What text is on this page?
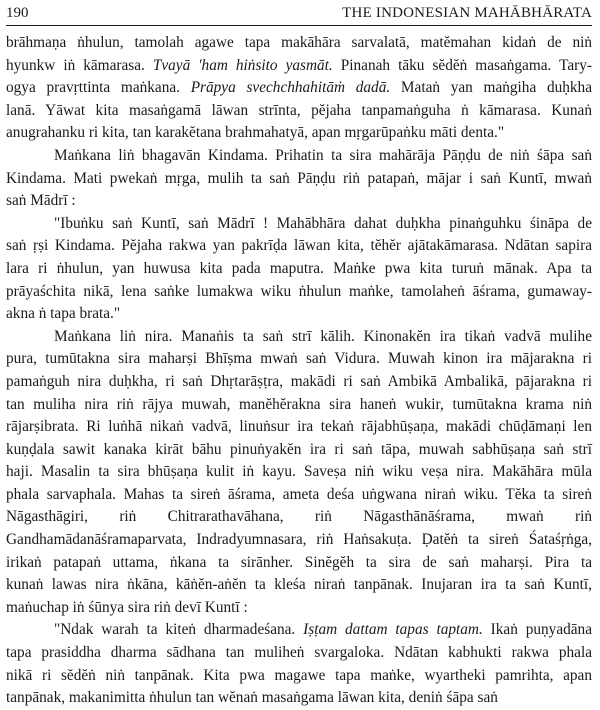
190	THE INDONESIAN MAHĀBHĀRATA
brāhmaṇa ṅhulun, tamolah agawe tapa makāhāra sarvalatā, matĕmahan kidaṅ de niṅ
hyunkw iṅ kāmarasa. Tvayā 'ham hiṅsito yasmāt. Pinanah tāku sĕdĕṅ masaṅgama. Tary-
ogya pravṛttinta maṅkana. Prāpya svechchhahitāṁ dadā. Mataṅ yan maṅgiha duḥkha
lanā. Yāwat kita masaṅgamā lāwan strīnta, pĕjaha tanpamaṅguha ṅ kāmarasa. Kunaṅ
anugrahanku ri kita, tan karakĕtana brahmahatyā, apan mṛgarūpaṅku māti denta."
Maṅkana liṅ bhagavān Kindama. Prihatin ta sira mahārāja Pāṇḍu de niṅ śāpa saṅ
Kindama. Mati pwekaṅ mṛga, mulih ta saṅ Pāṇḍu riṅ patapaṅ, mājar i saṅ Kuntī, mwaṅ
saṅ Mādrī :
"Ibuṅku saṅ Kuntī, saṅ Mādrī ! Mahābhāra dahat duḥkha pinaṅguhku śināpa de
saṅ ṛṣi Kindama. Pĕjaha rakwa yan pakrīḍa lāwan kita, tĕhĕr ajātakāmarasa. Ndātan sapira
lara ri ṅhulun, yan huwusa kita pada maputra. Maṅke pwa kita turuṅ mānak. Apa ta
prāyaśchita nikā, lena saṅke lumakwa wiku ṅhulun maṅke, tamolaheṅ āśrama, gumaway-
akna ṅ tapa brata."
Maṅkana liṅ nira. Manaṅis ta saṅ strī kālih. Kinonakĕn ira tikaṅ vadvā mulihe
pura, tumūtakna sira maharṣi Bhīṣma mwaṅ saṅ Vidura. Muwah kinon ira mājarakna ri
pamaṅguh nira duḥkha, ri saṅ Dhṛtarāṣṭra, makādi ri saṅ Ambikā Ambalikā, pājarakna ri
tan muliha nira riṅ rājya muwah, manĕhĕrakna sira haneṅ wukir, tumūtakna krama niṅ
rājarṣibrata. Ri luṅhā nikaṅ vadvā, linuṅsur ira tekaṅ rājabhūṣaṇa, makādi chūḍāmaṇi len
kuṇḍala sawit kanaka kirāt bāhu pinuṅyakĕn ira ri saṅ tāpa, muwah sabhūṣaṇa saṅ strī
haji. Masalin ta sira bhūṣaṇa kulit iṅ kayu. Saveṣa niṅ wiku veṣa nira. Makāhāra mūla
phala sarvaphala. Mahas ta sireṅ āśrama, ameta deśa uṅgwana niraṅ wiku. Tĕka ta sireṅ
Nāgasthāgiri, riṅ Chitrarathavāhana, riṅ Nāgasthānāśrama, mwaṅ riṅ
Gandhamādanāśramaparvata, Indradyumnasara, riṅ Haṅsakuṭa. Ḍatĕṅ ta sireṅ Śataśṛṅga,
irikaṅ patapaṅ uttama, ṅkana ta sirānher. Sinĕgĕh ta sira de saṅ maharṣi. Pira ta
kunaṅ lawas nira ṅkāna, kāṅĕn-aṅĕn ta kleśa niraṅ tanpānak. Inujaran ira ta saṅ Kuntī,
maṅuchap iṅ śūnya sira riṅ devī Kuntī :
"Ndak warah ta kiteṅ dharmadeśana. Iṣṭam dattam tapas taptam. Ikaṅ puṇyadāna
tapa prasiddha dharma sādhana tan muliheṅ svargaloka. Ndātan kabhukti rakwa phala
nikā ri sĕdĕṅ niṅ tanpānak. Kita pwa magawe tapa maṅke, wyartheki pamrihta, apan
tanpānak, makanimitta ṅhulun tan wĕnaṅ masaṅgama lāwan kita, deniṅ śāpa saṅ
